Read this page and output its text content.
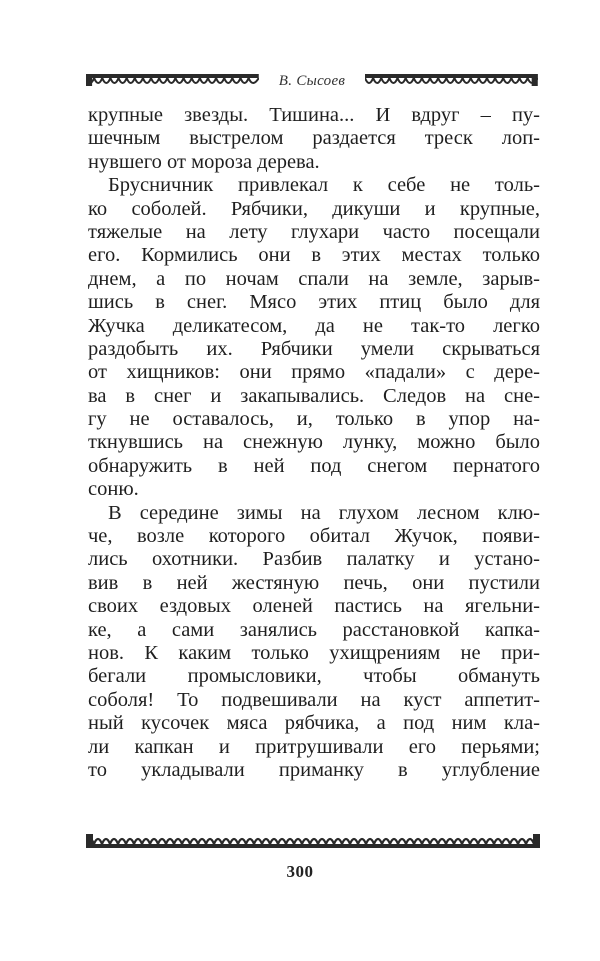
В. Сысоев
крупные звезды. Тишина... И вдруг – пу-
шечным выстрелом раздается треск лоп-
нувшего от мороза дерева.
Брусничник привлекал к себе не толь-
ко соболей. Рябчики, дикуши и крупные,
тяжелые на лету глухари часто посещали
его. Кормились они в этих местах только
днем, а по ночам спали на земле, зарыв-
шись в снег. Мясо этих птиц было для
Жучка деликатесом, да не так-то легко
раздобыть их. Рябчики умели скрываться
от хищников: они прямо «падали» с дере-
ва в снег и закапывались. Следов на сне-
гу не оставалось, и, только в упор на-
ткнувшись на снежную лунку, можно было
обнаружить в ней под снегом пернатого
соню.
В середине зимы на глухом лесном клю-
че, возле которого обитал Жучок, появи-
лись охотники. Разбив палатку и устано-
вив в ней жестяную печь, они пустили
своих ездовых оленей пастись на ягельни-
ке, а сами занялись расстановкой капка-
нов. К каким только ухищрениям не при-
бегали промысловики, чтобы обмануть
соболя! То подвешивали на куст аппетит-
ный кусочек мяса рябчика, а под ним кла-
ли капкан и притрушивали его перьями;
то укладывали приманку в углубление
300
